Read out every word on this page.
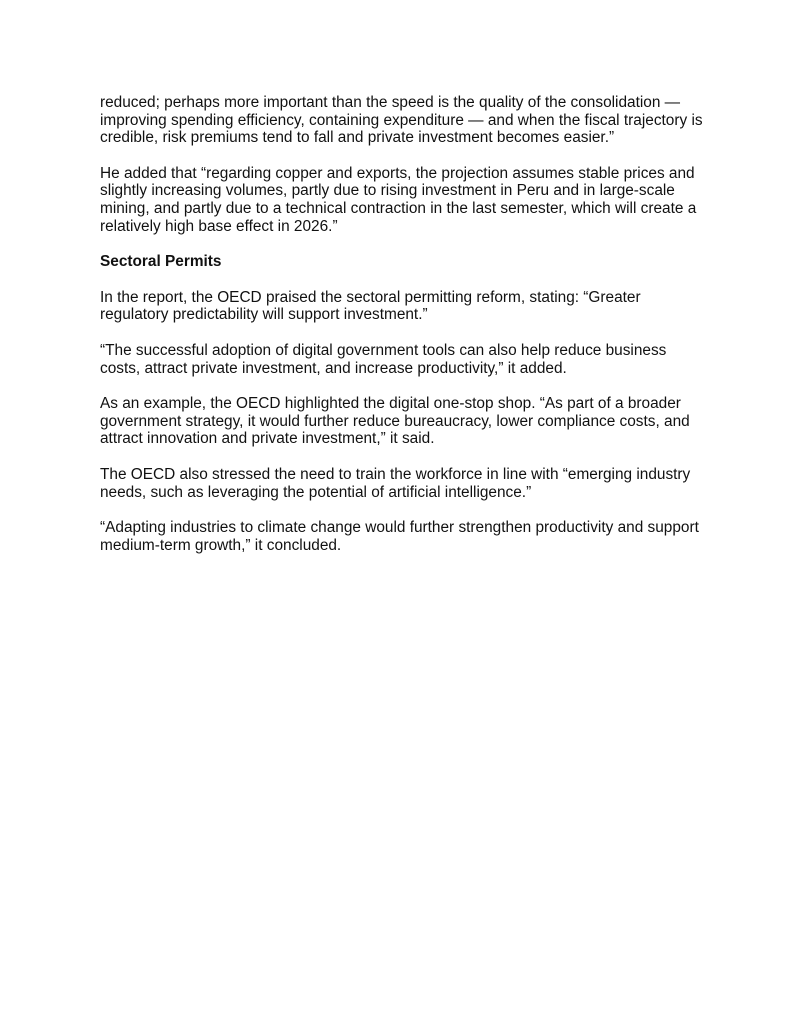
reduced; perhaps more important than the speed is the quality of the consolidation — improving spending efficiency, containing expenditure — and when the fiscal trajectory is credible, risk premiums tend to fall and private investment becomes easier.”

He added that “regarding copper and exports, the projection assumes stable prices and slightly increasing volumes, partly due to rising investment in Peru and in large-scale mining, and partly due to a technical contraction in the last semester, which will create a relatively high base effect in 2026.”

Sectoral Permits

In the report, the OECD praised the sectoral permitting reform, stating: “Greater regulatory predictability will support investment.”

“The successful adoption of digital government tools can also help reduce business costs, attract private investment, and increase productivity,” it added.

As an example, the OECD highlighted the digital one-stop shop. “As part of a broader government strategy, it would further reduce bureaucracy, lower compliance costs, and attract innovation and private investment,” it said.

The OECD also stressed the need to train the workforce in line with “emerging industry needs, such as leveraging the potential of artificial intelligence.”

“Adapting industries to climate change would further strengthen productivity and support medium-term growth,” it concluded.
